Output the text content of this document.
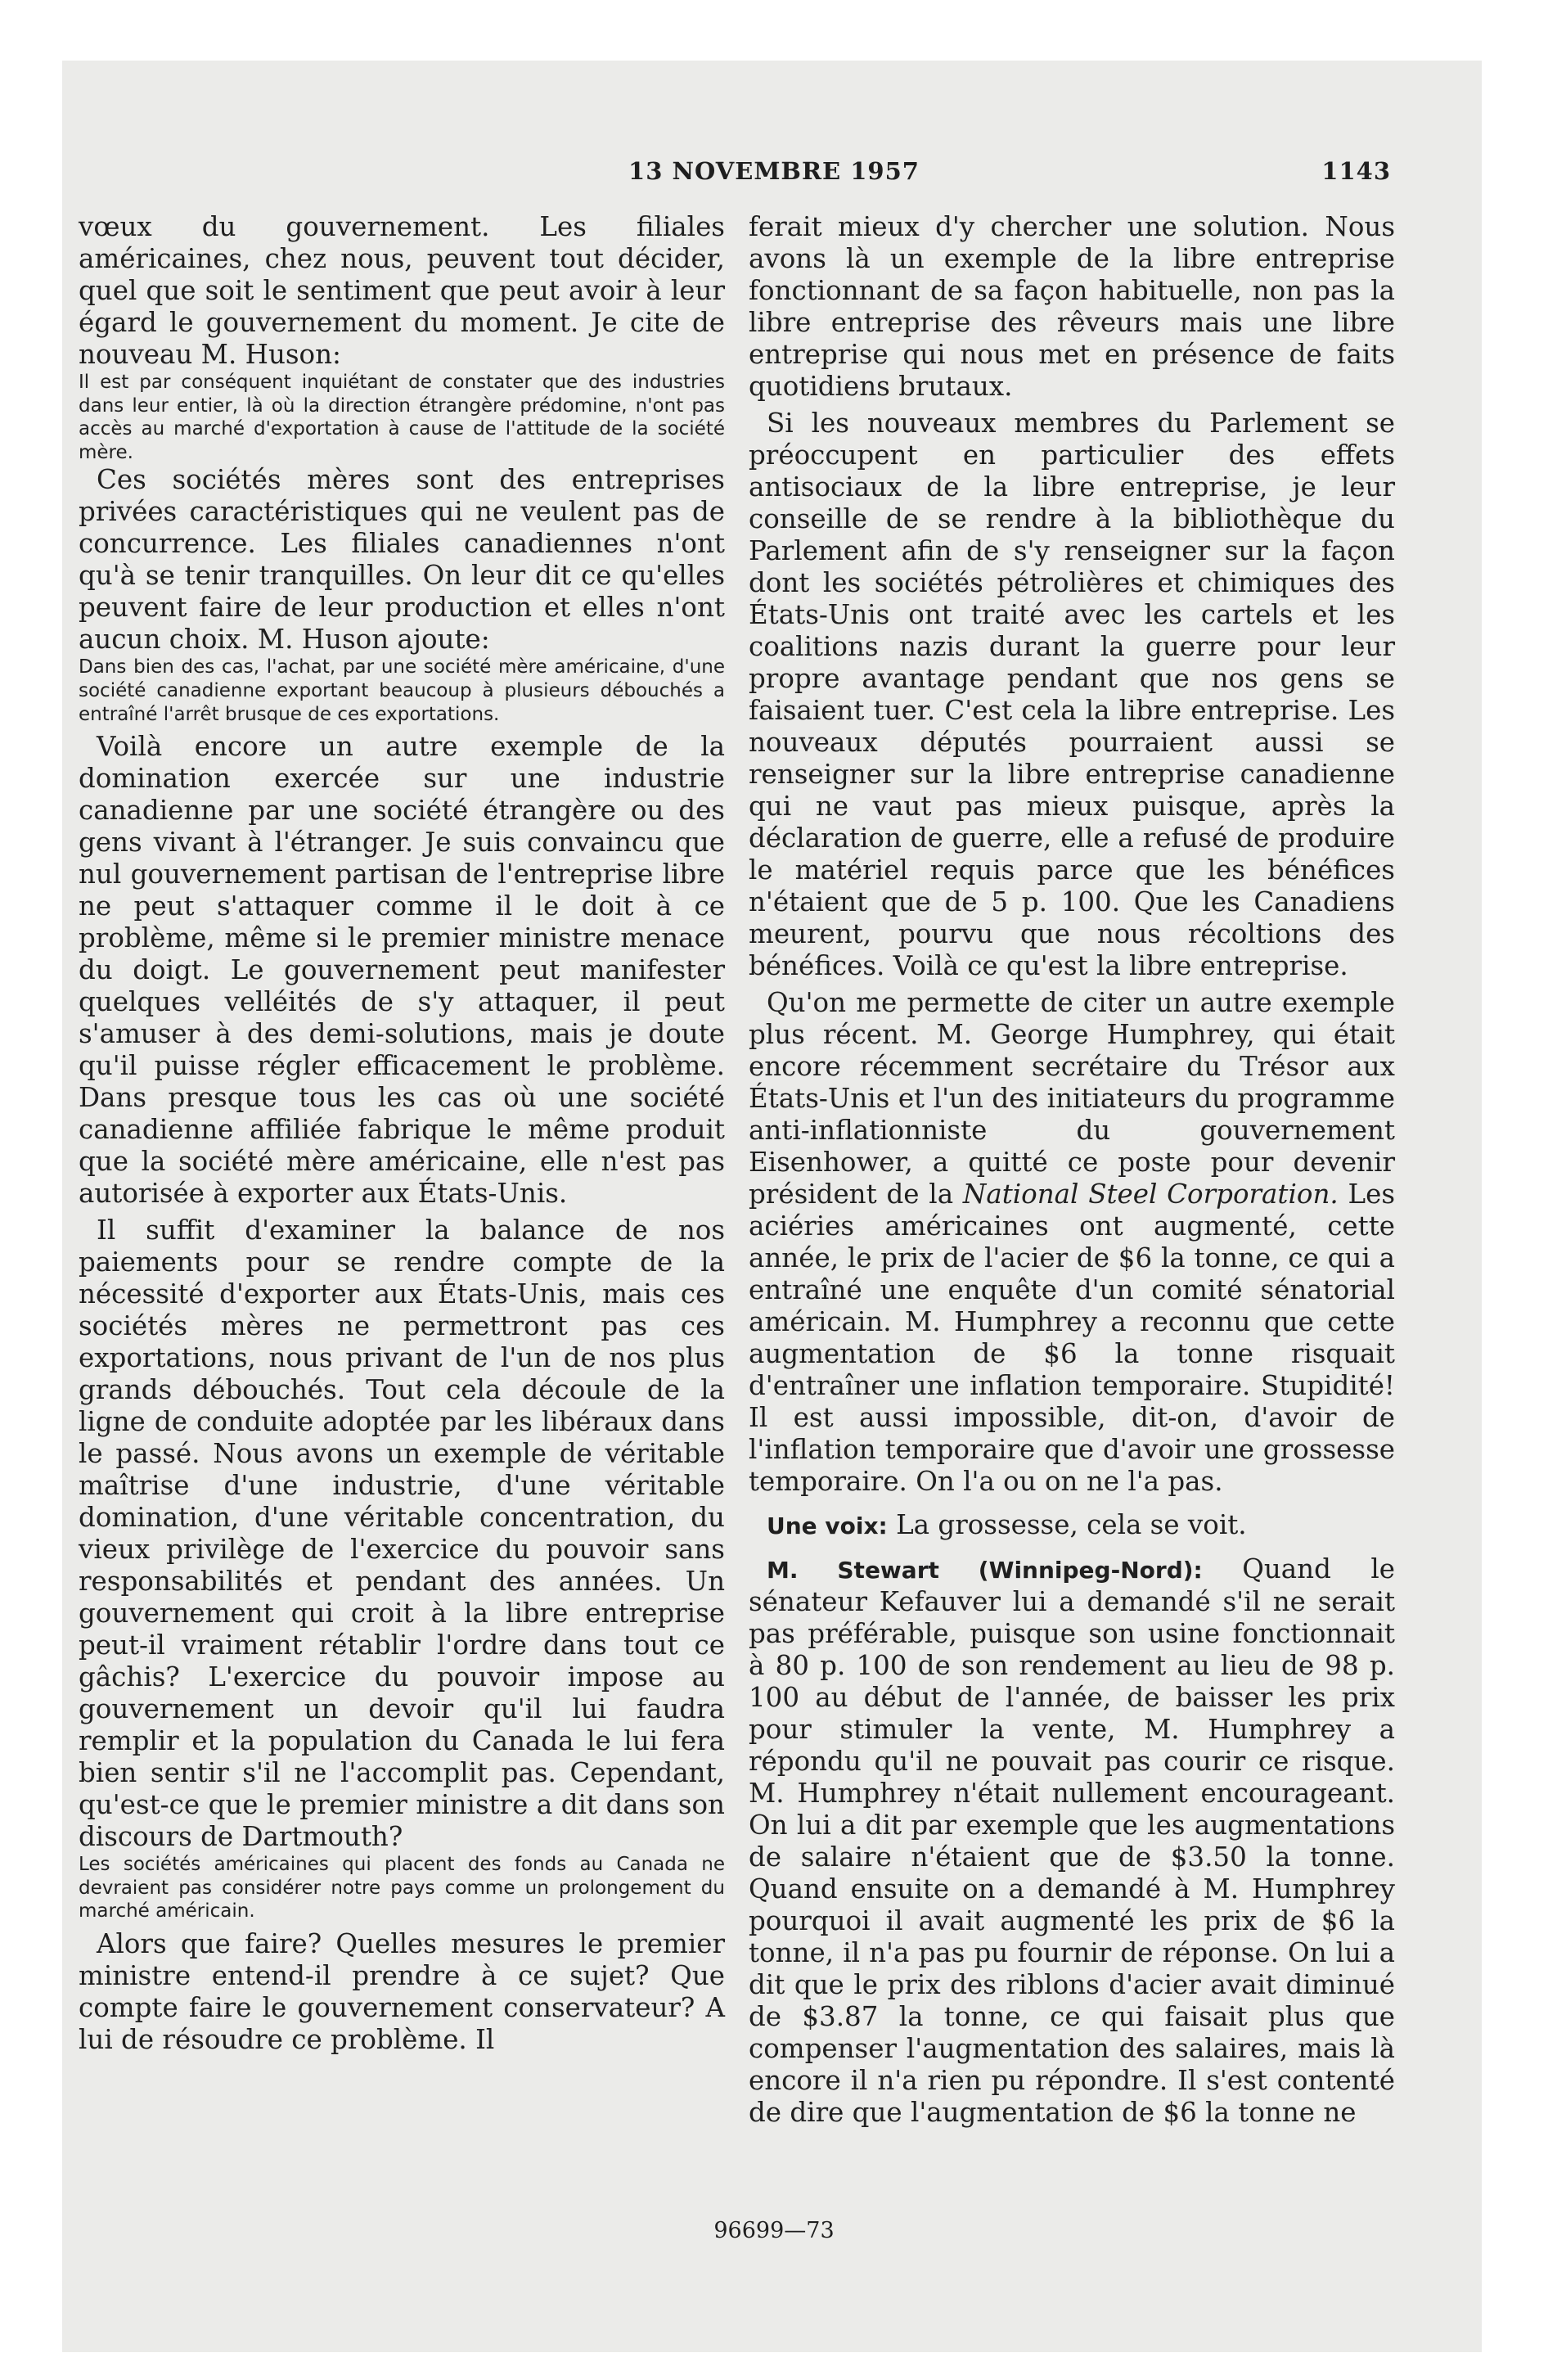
13 NOVEMBRE 1957	1143

vœux du gouvernement. Les filiales américaines, chez nous, peuvent tout décider, quel que soit le sentiment que peut avoir à leur égard le gouvernement du moment. Je cite de nouveau M. Huson:

Il est par conséquent inquiétant de constater que des industries dans leur entier, là où la direction étrangère prédomine, n'ont pas accès au marché d'exportation à cause de l'attitude de la société mère.

Ces sociétés mères sont des entreprises privées caractéristiques qui ne veulent pas de concurrence. Les filiales canadiennes n'ont qu'à se tenir tranquilles. On leur dit ce qu'elles peuvent faire de leur production et elles n'ont aucun choix. M. Huson ajoute:

Dans bien des cas, l'achat, par une société mère américaine, d'une société canadienne exportant beaucoup à plusieurs débouchés a entraîné l'arrêt brusque de ces exportations.

Voilà encore un autre exemple de la domination exercée sur une industrie canadienne par une société étrangère ou des gens vivant à l'étranger. Je suis convaincu que nul gouvernement partisan de l'entreprise libre ne peut s'attaquer comme il le doit à ce problème, même si le premier ministre menace du doigt. Le gouvernement peut manifester quelques velléités de s'y attaquer, il peut s'amuser à des demi-solutions, mais je doute qu'il puisse régler efficacement le problème. Dans presque tous les cas où une société canadienne affiliée fabrique le même produit que la société mère américaine, elle n'est pas autorisée à exporter aux États-Unis.

Il suffit d'examiner la balance de nos paiements pour se rendre compte de la nécessité d'exporter aux États-Unis, mais ces sociétés mères ne permettront pas ces exportations, nous privant de l'un de nos plus grands débouchés. Tout cela découle de la ligne de conduite adoptée par les libéraux dans le passé. Nous avons un exemple de véritable maîtrise d'une industrie, d'une véritable domination, d'une véritable concentration, du vieux privilège de l'exercice du pouvoir sans responsabilités et pendant des années. Un gouvernement qui croit à la libre entreprise peut-il vraiment rétablir l'ordre dans tout ce gâchis? L'exercice du pouvoir impose au gouvernement un devoir qu'il lui faudra remplir et la population du Canada le lui fera bien sentir s'il ne l'accomplit pas. Cependant, qu'est-ce que le premier ministre a dit dans son discours de Dartmouth?

Les sociétés américaines qui placent des fonds au Canada ne devraient pas considérer notre pays comme un prolongement du marché américain.

Alors que faire? Quelles mesures le premier ministre entend-il prendre à ce sujet? Que compte faire le gouvernement conservateur? A lui de résoudre ce problème. Il

ferait mieux d'y chercher une solution. Nous avons là un exemple de la libre entreprise fonctionnant de sa façon habituelle, non pas la libre entreprise des rêveurs mais une libre entreprise qui nous met en présence de faits quotidiens brutaux.

Si les nouveaux membres du Parlement se préoccupent en particulier des effets antisociaux de la libre entreprise, je leur conseille de se rendre à la bibliothèque du Parlement afin de s'y renseigner sur la façon dont les sociétés pétrolières et chimiques des États-Unis ont traité avec les cartels et les coalitions nazis durant la guerre pour leur propre avantage pendant que nos gens se faisaient tuer. C'est cela la libre entreprise. Les nouveaux députés pourraient aussi se renseigner sur la libre entreprise canadienne qui ne vaut pas mieux puisque, après la déclaration de guerre, elle a refusé de produire le matériel requis parce que les bénéfices n'étaient que de 5 p. 100. Que les Canadiens meurent, pourvu que nous récoltions des bénéfices. Voilà ce qu'est la libre entreprise.

Qu'on me permette de citer un autre exemple plus récent. M. George Humphrey, qui était encore récemment secrétaire du Trésor aux États-Unis et l'un des initiateurs du programme anti-inflationniste du gouvernement Eisenhower, a quitté ce poste pour devenir président de la National Steel Corporation. Les aciéries américaines ont augmenté, cette année, le prix de l'acier de $6 la tonne, ce qui a entraîné une enquête d'un comité sénatorial américain. M. Humphrey a reconnu que cette augmentation de $6 la tonne risquait d'entraîner une inflation temporaire. Stupidité! Il est aussi impossible, dit-on, d'avoir de l'inflation temporaire que d'avoir une grossesse temporaire. On l'a ou on ne l'a pas.

Une voix: La grossesse, cela se voit.

M. Stewart (Winnipeg-Nord): Quand le sénateur Kefauver lui a demandé s'il ne serait pas préférable, puisque son usine fonctionnait à 80 p. 100 de son rendement au lieu de 98 p. 100 au début de l'année, de baisser les prix pour stimuler la vente, M. Humphrey a répondu qu'il ne pouvait pas courir ce risque. M. Humphrey n'était nullement encourageant. On lui a dit par exemple que les augmentations de salaire n'étaient que de $3.50 la tonne. Quand ensuite on a demandé à M. Humphrey pourquoi il avait augmenté les prix de $6 la tonne, il n'a pas pu fournir de réponse. On lui a dit que le prix des riblons d'acier avait diminué de $3.87 la tonne, ce qui faisait plus que compenser l'augmentation des salaires, mais là encore il n'a rien pu répondre. Il s'est contenté de dire que l'augmentation de $6 la tonne ne

96699—73
